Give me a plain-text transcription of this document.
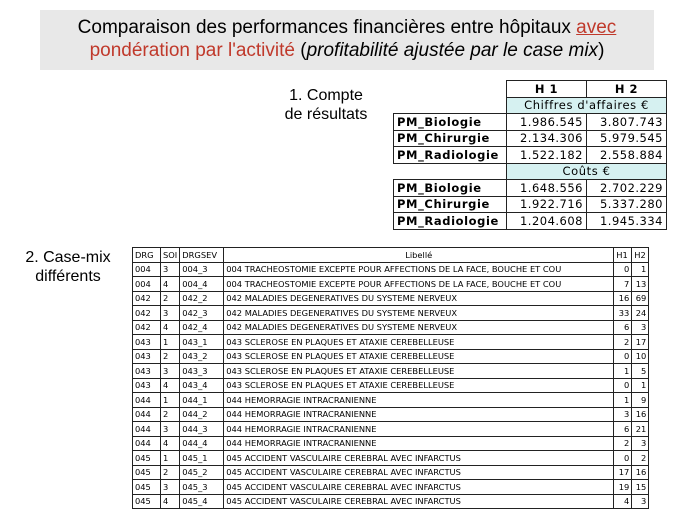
Comparaison des performances financières entre hôpitaux avec
pondération par l'activité (profitabilité ajustée par le case mix)
1. Compte
de résultats
2. Case-mix
différents
	H 1	H 2
	Chiffres d'affaires €	
PM_Biologie	1.986.545	3.807.743
PM_Chirurgie	2.134.306	5.979.545
PM_Radiologie	1.522.182	2.558.884
	Coûts €	
PM_Biologie	1.648.556	2.702.229
PM_Chirurgie	1.922.716	5.337.280
PM_Radiologie	1.204.608	1.945.334
DRG	SOI	DRGSEV	Libellé	H1	H2
004	3	004_3	004 TRACHEOSTOMIE EXCEPTE POUR AFFECTIONS DE LA FACE, BOUCHE ET COU	0	1
004	4	004_4	004 TRACHEOSTOMIE EXCEPTE POUR AFFECTIONS DE LA FACE, BOUCHE ET COU	7	13
042	2	042_2	042 MALADIES DEGENERATIVES DU SYSTEME NERVEUX	16	69
042	3	042_3	042 MALADIES DEGENERATIVES DU SYSTEME NERVEUX	33	24
042	4	042_4	042 MALADIES DEGENERATIVES DU SYSTEME NERVEUX	6	3
043	1	043_1	043 SCLEROSE EN PLAQUES ET ATAXIE CEREBELLEUSE	2	17
043	2	043_2	043 SCLEROSE EN PLAQUES ET ATAXIE CEREBELLEUSE	0	10
043	3	043_3	043 SCLEROSE EN PLAQUES ET ATAXIE CEREBELLEUSE	1	5
043	4	043_4	043 SCLEROSE EN PLAQUES ET ATAXIE CEREBELLEUSE	0	1
044	1	044_1	044 HEMORRAGIE INTRACRANIENNE	1	9
044	2	044_2	044 HEMORRAGIE INTRACRANIENNE	3	16
044	3	044_3	044 HEMORRAGIE INTRACRANIENNE	6	21
044	4	044_4	044 HEMORRAGIE INTRACRANIENNE	2	3
045	1	045_1	045 ACCIDENT VASCULAIRE CEREBRAL AVEC INFARCTUS	0	2
045	2	045_2	045 ACCIDENT VASCULAIRE CEREBRAL AVEC INFARCTUS	17	16
045	3	045_3	045 ACCIDENT VASCULAIRE CEREBRAL AVEC INFARCTUS	19	15
045	4	045_4	045 ACCIDENT VASCULAIRE CEREBRAL AVEC INFARCTUS	4	3
